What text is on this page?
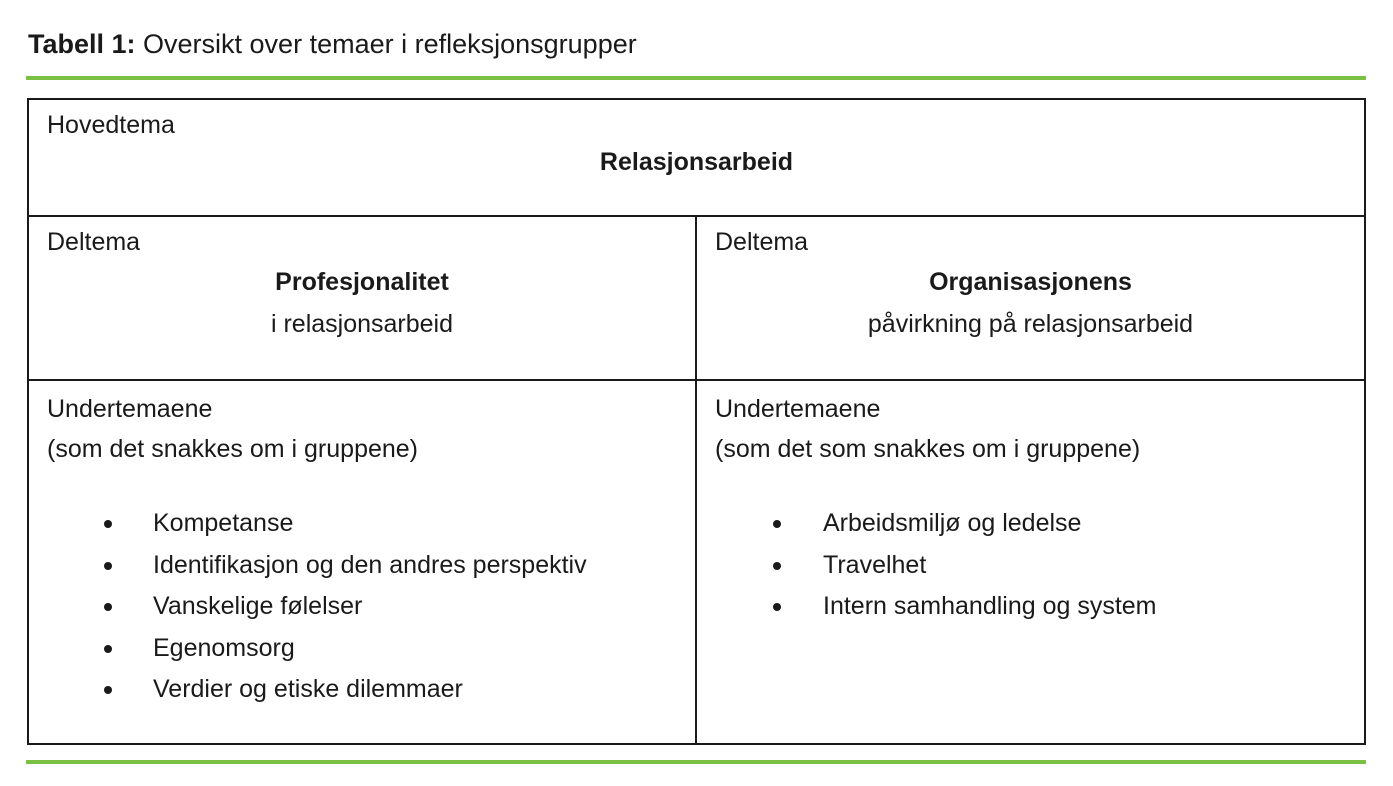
Tabell 1: Oversikt over temaer i refleksjonsgrupper
Hovedtema
Relasjonsarbeid
Deltema
Profesjonalitet
i relasjonsarbeid
Deltema
Organisasjonens
påvirkning på relasjonsarbeid
Undertemaene
(som det snakkes om i gruppene)
Kompetanse
Identifikasjon og den andres perspektiv
Vanskelige følelser
Egenomsorg
Verdier og etiske dilemmaer
Undertemaene
(som det som snakkes om i gruppene)
Arbeidsmiljø og ledelse
Travelhet
Intern samhandling og system
